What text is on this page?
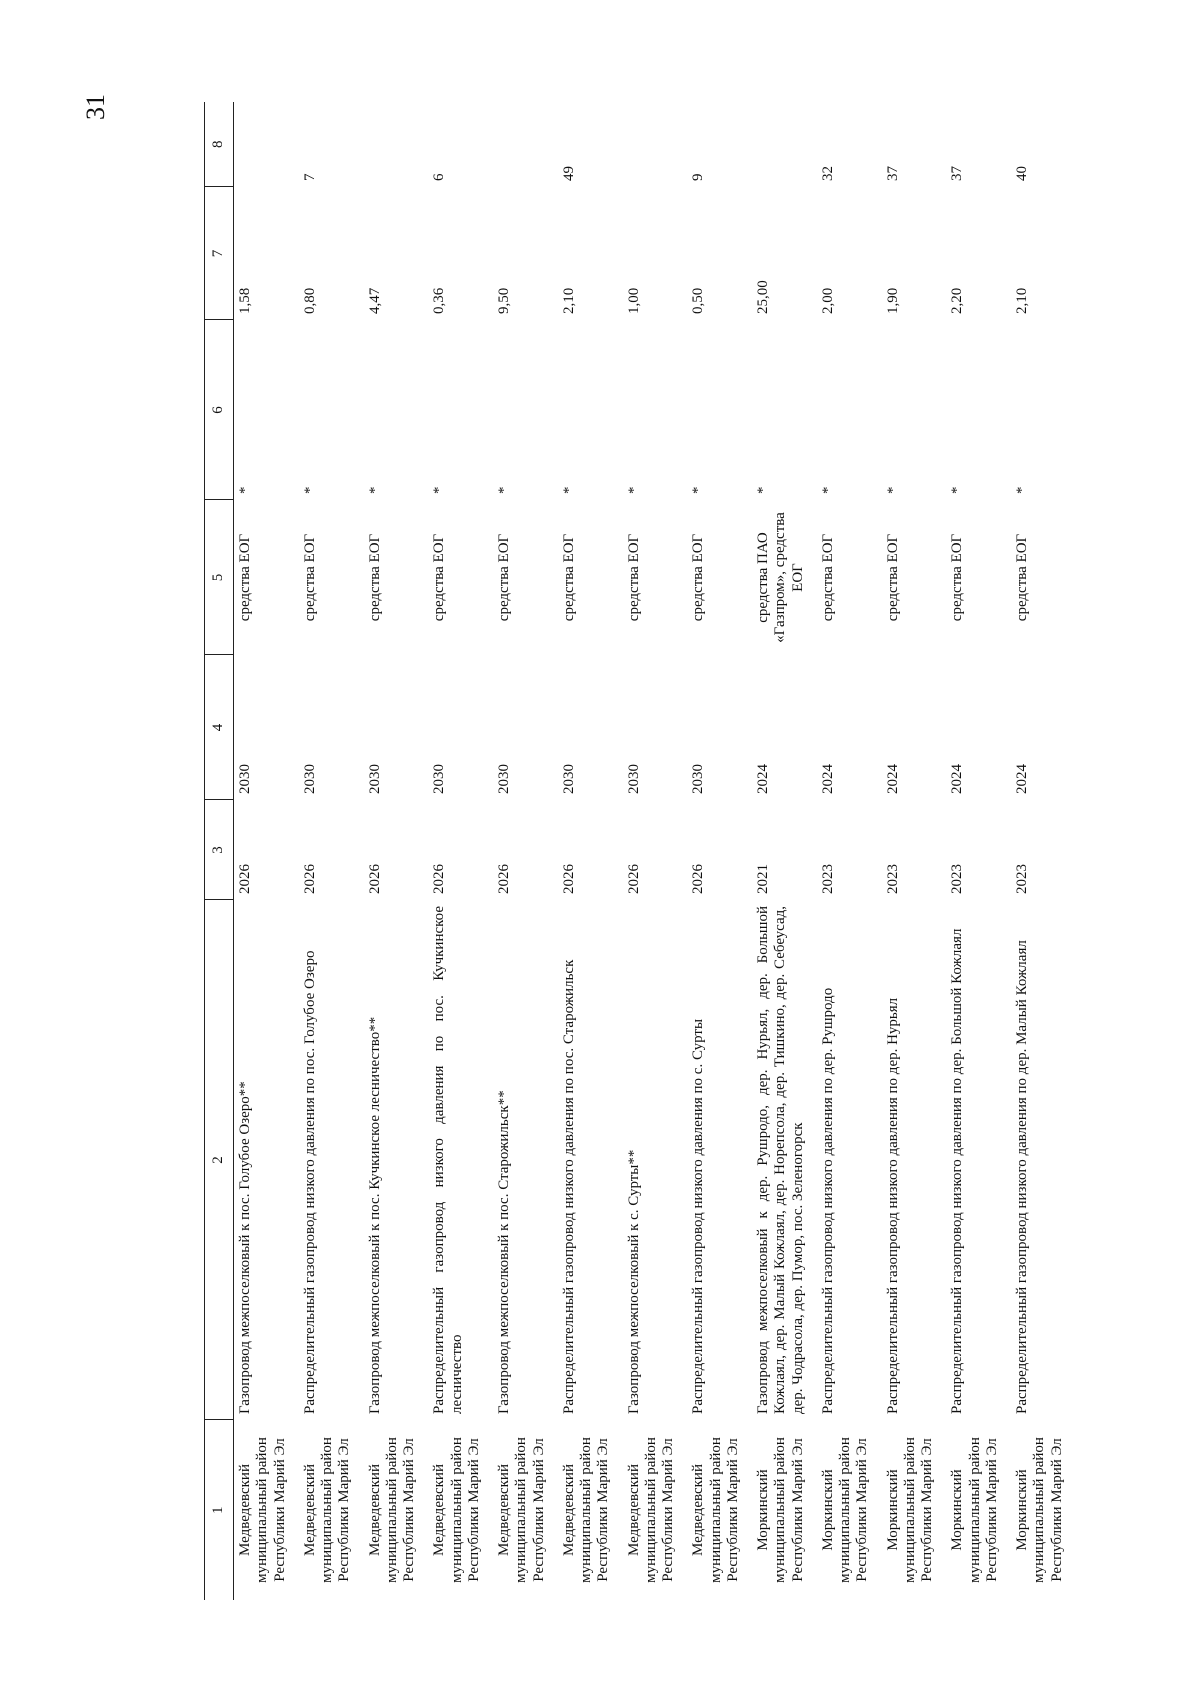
31
1	2	3	4	5	6	7	8
Медведевский муниципальный район Республики Марий Эл	Газопровод межпоселковый к пос. Голубое Озеро**	2026	2030	средства ЕОГ	*	1,58	
Медведевский муниципальный район Республики Марий Эл	Распределительный газопровод низкого давления по пос. Голубое Озеро	2026	2030	средства ЕОГ	*	0,80	7
Медведевский муниципальный район Республики Марий Эл	Газопровод межпоселковый к пос. Кучкинское лесничество**	2026	2030	средства ЕОГ	*	4,47	
Медведевский муниципальный район Республики Марий Эл	Распределительный газопровод низкого давления по пос. Кучкинское лесничество	2026	2030	средства ЕОГ	*	0,36	6
Медведевский муниципальный район Республики Марий Эл	Газопровод межпоселковый к пос. Старожильск**	2026	2030	средства ЕОГ	*	9,50	
Медведевский муниципальный район Республики Марий Эл	Распределительный газопровод низкого давления по пос. Старожильск	2026	2030	средства ЕОГ	*	2,10	49
Медведевский муниципальный район Республики Марий Эл	Газопровод межпоселковый к с. Сурты**	2026	2030	средства ЕОГ	*	1,00	
Медведевский муниципальный район Республики Марий Эл	Распределительный газопровод низкого давления по с. Сурты	2026	2030	средства ЕОГ	*	0,50	9
Моркинский муниципальный район Республики Марий Эл	Газопровод межпоселковый к дер. Рушродо, дер. Нурьял, дер. Большой Кожлаял, дер. Малый Кожлаял, дер. Норепсола, дер. Тишкино, дер. Себеусад, дер. Чодрасола, дер. Пумор, пос. Зеленогорск	2021	2024	средства ПАО «Газпром», средства ЕОГ	*	25,00	
Моркинский муниципальный район Республики Марий Эл	Распределительный газопровод низкого давления по дер. Рушродо	2023	2024	средства ЕОГ	*	2,00	32
Моркинский муниципальный район Республики Марий Эл	Распределительный газопровод низкого давления по дер. Нурьял	2023	2024	средства ЕОГ	*	1,90	37
Моркинский муниципальный район Республики Марий Эл	Распределительный газопровод низкого давления по дер. Большой Кожлаял	2023	2024	средства ЕОГ	*	2,20	37
Моркинский муниципальный район Республики Марий Эл	Распределительный газопровод низкого давления по дер. Малый Кожлаял	2023	2024	средства ЕОГ	*	2,10	40
